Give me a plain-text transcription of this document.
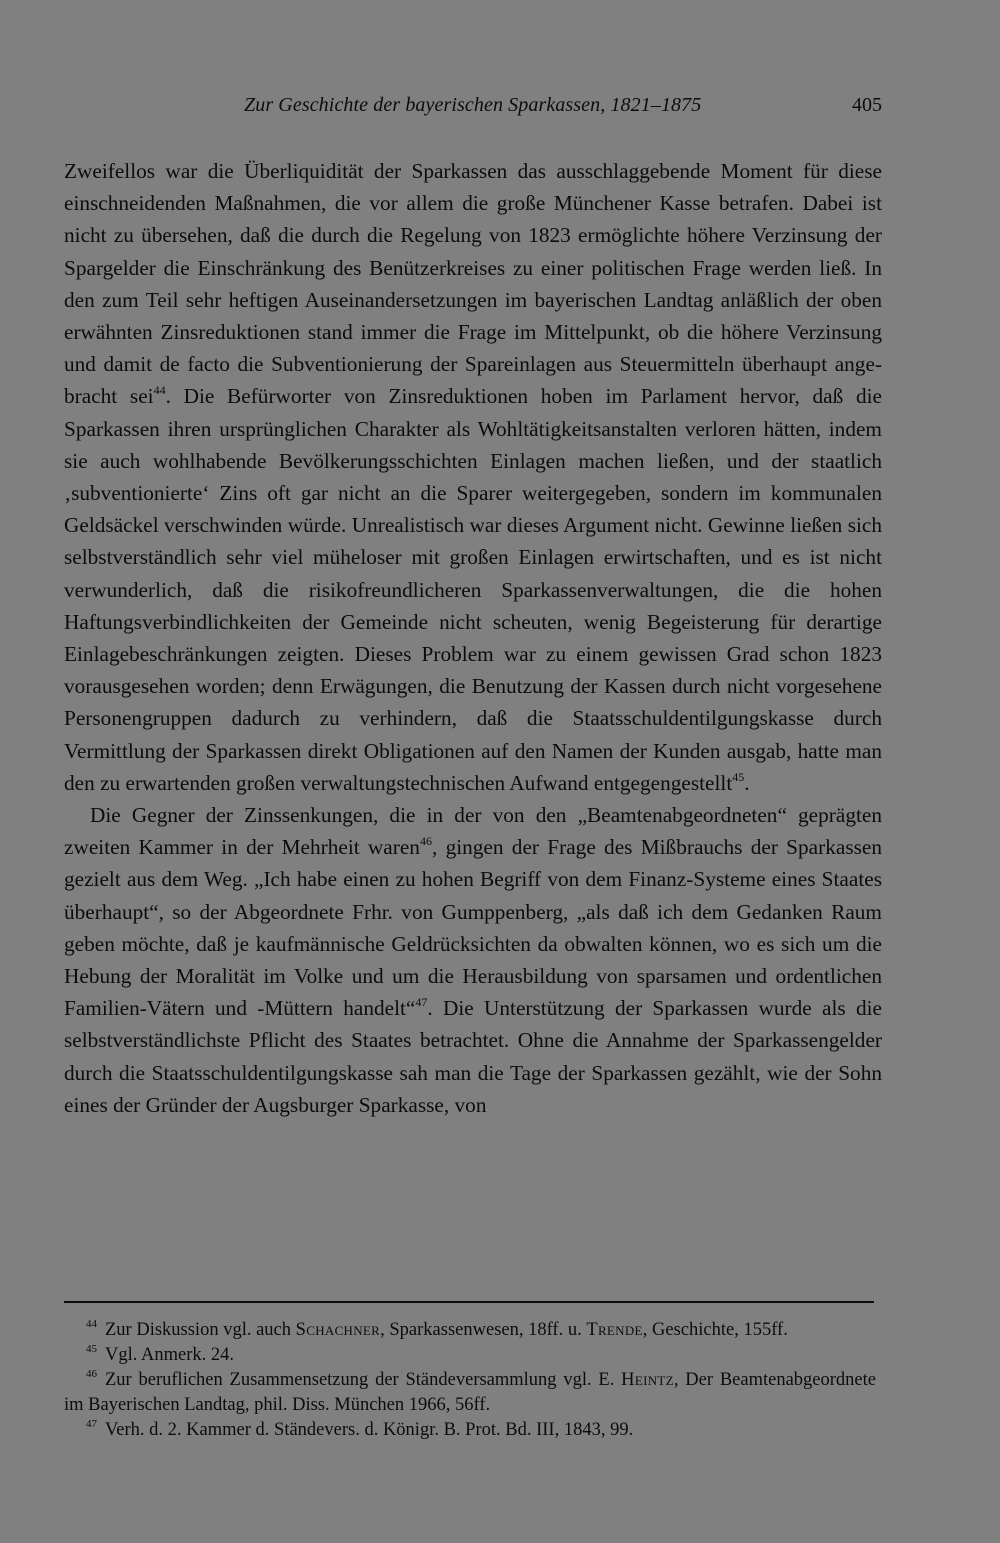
Zur Geschichte der bayerischen Sparkassen, 1821–1875	405

Zweifellos war die Überliquidität der Sparkassen das ausschlaggebende Moment für diese einschneidenden Maßnahmen, die vor allem die große Münchener Kasse betrafen. Dabei ist nicht zu übersehen, daß die durch die Regelung von 1823 ermöglichte höhere Verzinsung der Spargelder die Einschränkung des Benützerkreises zu einer politischen Frage werden ließ. In den zum Teil sehr heftigen Auseinandersetzungen im bayerischen Landtag anläßlich der oben erwähnten Zinsreduktionen stand immer die Frage im Mittelpunkt, ob die höhere Verzinsung und damit de facto die Subventionierung der Spareinlagen aus Steuermitteln überhaupt angebracht sei$^{44}$. Die Befürworter von Zinsreduktionen hoben im Parlament hervor, daß die Sparkassen ihren ursprünglichen Charakter als Wohltätigkeitsanstalten verloren hätten, indem sie auch wohlhabende Bevölkerungsschichten Einlagen machen ließen, und der staatlich ‚subventionierte‘ Zins oft gar nicht an die Sparer weitergegeben, sondern im kommunalen Geldsäckel verschwinden würde. Unrealistisch war dieses Argument nicht. Gewinne ließen sich selbstverständlich sehr viel müheloser mit großen Einlagen erwirtschaften, und es ist nicht verwunderlich, daß die risikofreundlicheren Sparkassenverwaltungen, die die hohen Haftungsverbindlichkeiten der Gemeinde nicht scheuten, wenig Begeisterung für derartige Einlagebeschränkungen zeigten. Dieses Problem war zu einem gewissen Grad schon 1823 vorausgesehen worden; denn Erwägungen, die Benutzung der Kassen durch nicht vorgesehene Personengruppen dadurch zu verhindern, daß die Staatsschuldentilgungskasse durch Vermittlung der Sparkassen direkt Obligationen auf den Namen der Kunden ausgab, hatte man den zu erwartenden großen verwaltungstechnischen Aufwand entgegengestellt$^{45}$.

Die Gegner der Zinssenkungen, die in der von den „Beamtenabgeordneten“ geprägten zweiten Kammer in der Mehrheit waren$^{46}$, gingen der Frage des Mißbrauchs der Sparkassen gezielt aus dem Weg. „Ich habe einen zu hohen Begriff von dem Finanz-Systeme eines Staates überhaupt“, so der Abgeordnete Frhr. von Gumppenberg, „als daß ich dem Gedanken Raum geben möchte, daß je kaufmännische Geldrücksichten da obwalten können, wo es sich um die Hebung der Moralität im Volke und um die Herausbildung von sparsamen und ordentlichen Familien-Vätern und -Müttern handelt“$^{47}$. Die Unterstützung der Sparkassen wurde als die selbstverständlichste Pflicht des Staates betrachtet. Ohne die Annahme der Sparkassengelder durch die Staatsschuldentilgungskasse sah man die Tage der Sparkassen gezählt, wie der Sohn eines der Gründer der Augsburger Sparkasse, von

$^{44}$ Zur Diskussion vgl. auch Schachner, Sparkassenwesen, 18ff. u. Trende, Geschichte, 155ff.

$^{45}$ Vgl. Anmerk. 24.

$^{46}$ Zur beruflichen Zusammensetzung der Ständeversammlung vgl. E. Heintz, Der Beamtenabgeordnete im Bayerischen Landtag, phil. Diss. München 1966, 56ff.

$^{47}$ Verh. d. 2. Kammer d. Ständevers. d. Königr. B. Prot. Bd. III, 1843, 99.
